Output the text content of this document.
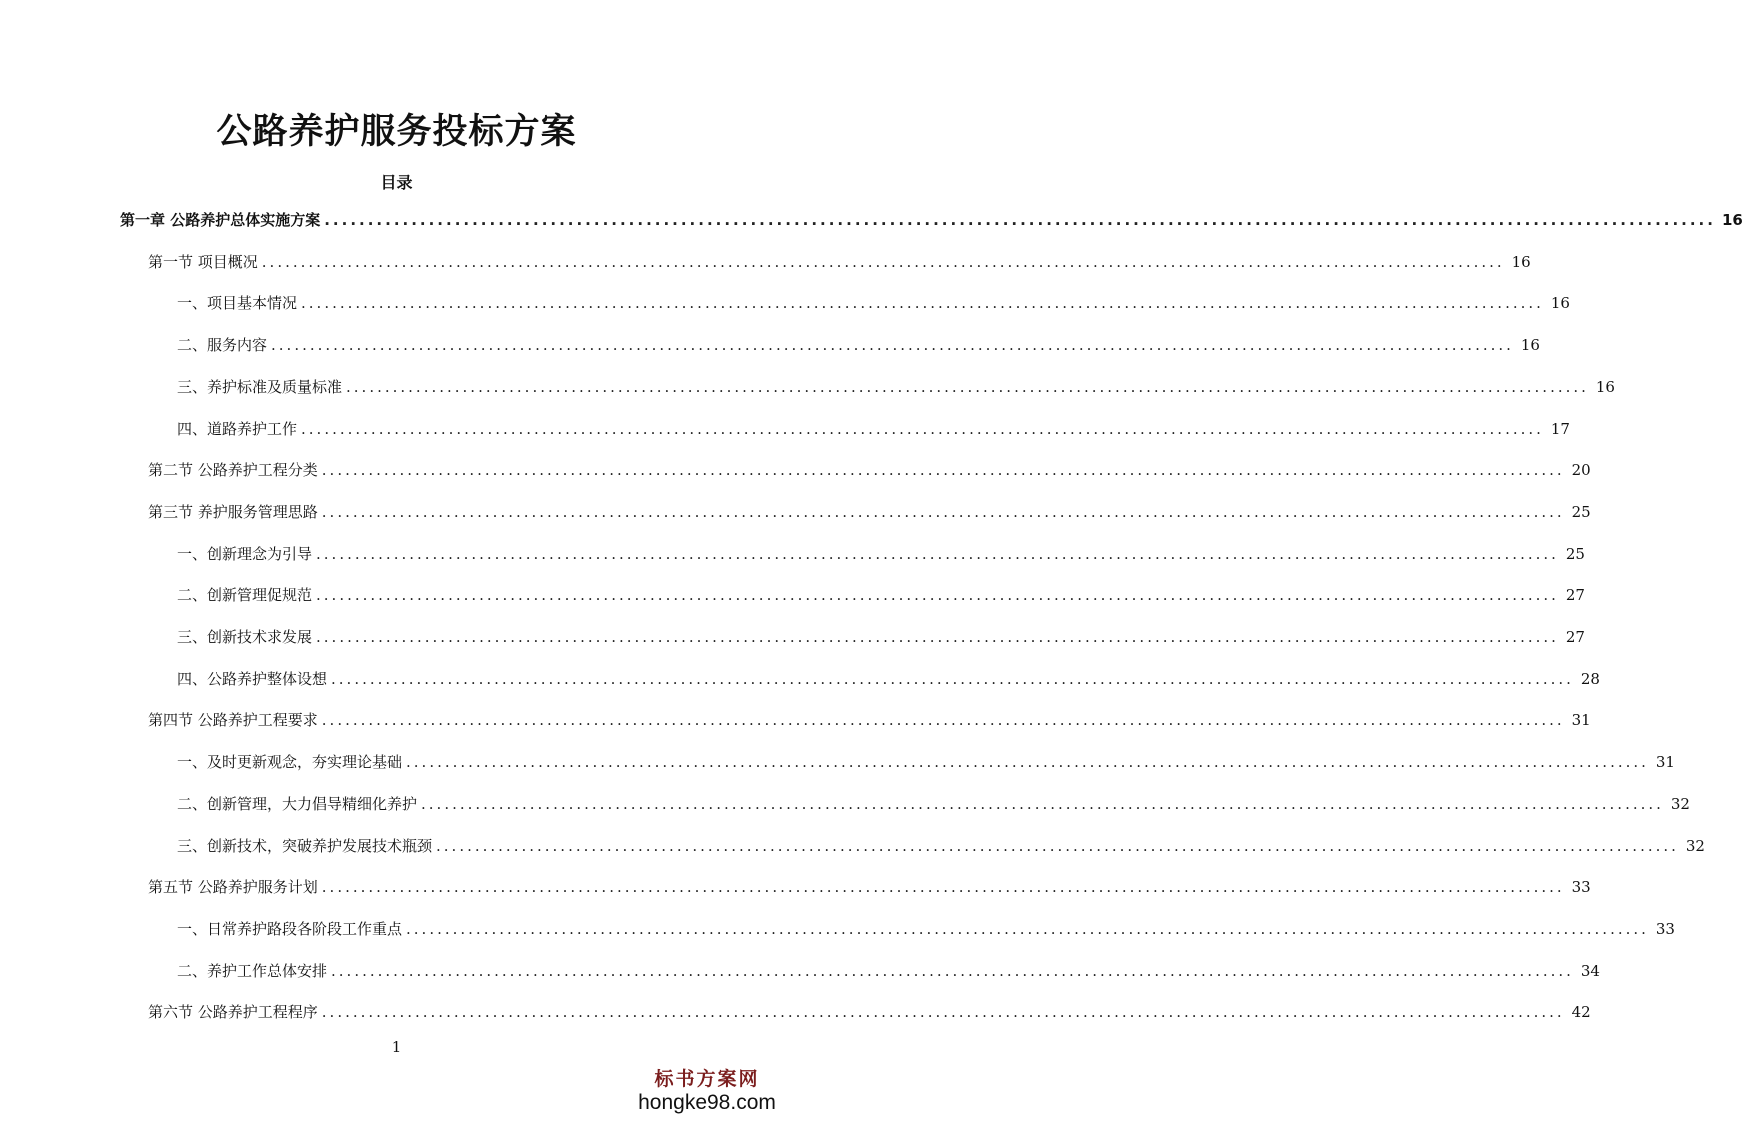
公路养护服务投标方案
目录
第一章 公路养护总体实施方案 ................................................................................................................................................................ 16
第一节 项目概况 ................................................................................................................................................................ 16
一、项目基本情况 ................................................................................................................................................................ 16
二、服务内容 ................................................................................................................................................................ 16
三、养护标准及质量标准 ................................................................................................................................................................ 16
四、道路养护工作 ................................................................................................................................................................ 17
第二节 公路养护工程分类 ................................................................................................................................................................ 20
第三节 养护服务管理思路 ................................................................................................................................................................ 25
一、创新理念为引导 ................................................................................................................................................................ 25
二、创新管理促规范 ................................................................................................................................................................ 27
三、创新技术求发展 ................................................................................................................................................................ 27
四、公路养护整体设想 ................................................................................................................................................................ 28
第四节 公路养护工程要求 ................................................................................................................................................................ 31
一、及时更新观念，夯实理论基础 ................................................................................................................................................................ 31
二、创新管理，大力倡导精细化养护 ................................................................................................................................................................ 32
三、创新技术，突破养护发展技术瓶颈 ................................................................................................................................................................ 32
第五节 公路养护服务计划 ................................................................................................................................................................ 33
一、日常养护路段各阶段工作重点 ................................................................................................................................................................ 33
二、养护工作总体安排 ................................................................................................................................................................ 34
第六节 公路养护工程程序 ................................................................................................................................................................ 42
1
标书方案网
hongke98.com
